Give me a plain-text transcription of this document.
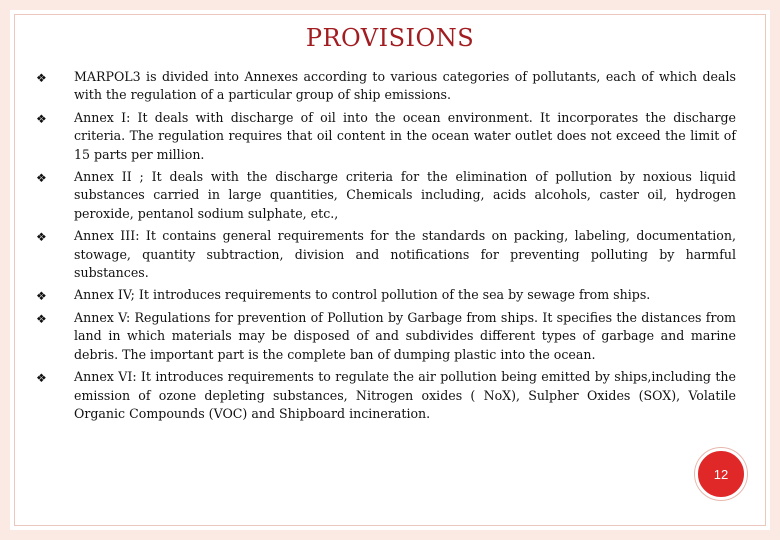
PROVISIONS
❖ MARPOL3 is divided into Annexes according to various categories of pollutants, each of which deals with the regulation of a particular group of ship emissions.
❖ Annex I: It deals with discharge of oil into the ocean environment. It incorporates the discharge criteria. The regulation requires that oil content in the ocean water outlet does not exceed the limit of 15 parts per million.
❖ Annex II ; It deals with the discharge criteria for the elimination of pollution by noxious liquid substances carried in large quantities, Chemicals including, acids alcohols, caster oil, hydrogen peroxide, pentanol sodium sulphate, etc.,
❖ Annex III: It contains general requirements for the standards on packing, labeling, documentation, stowage, quantity subtraction, division and notifications for preventing polluting by harmful substances.
❖ Annex IV; It introduces requirements to control pollution of the sea by sewage from ships.
❖ Annex V: Regulations for prevention of Pollution by Garbage from ships. It specifies the distances from land in which materials may be disposed of and subdivides different types of garbage and marine debris. The important part is the complete ban of dumping plastic into the ocean.
❖ Annex VI: It introduces requirements to regulate the air pollution being emitted by ships,including the emission of ozone depleting substances, Nitrogen oxides ( NoX), Sulpher Oxides (SOX), Volatile Organic Compounds (VOC) and Shipboard incineration.
12
